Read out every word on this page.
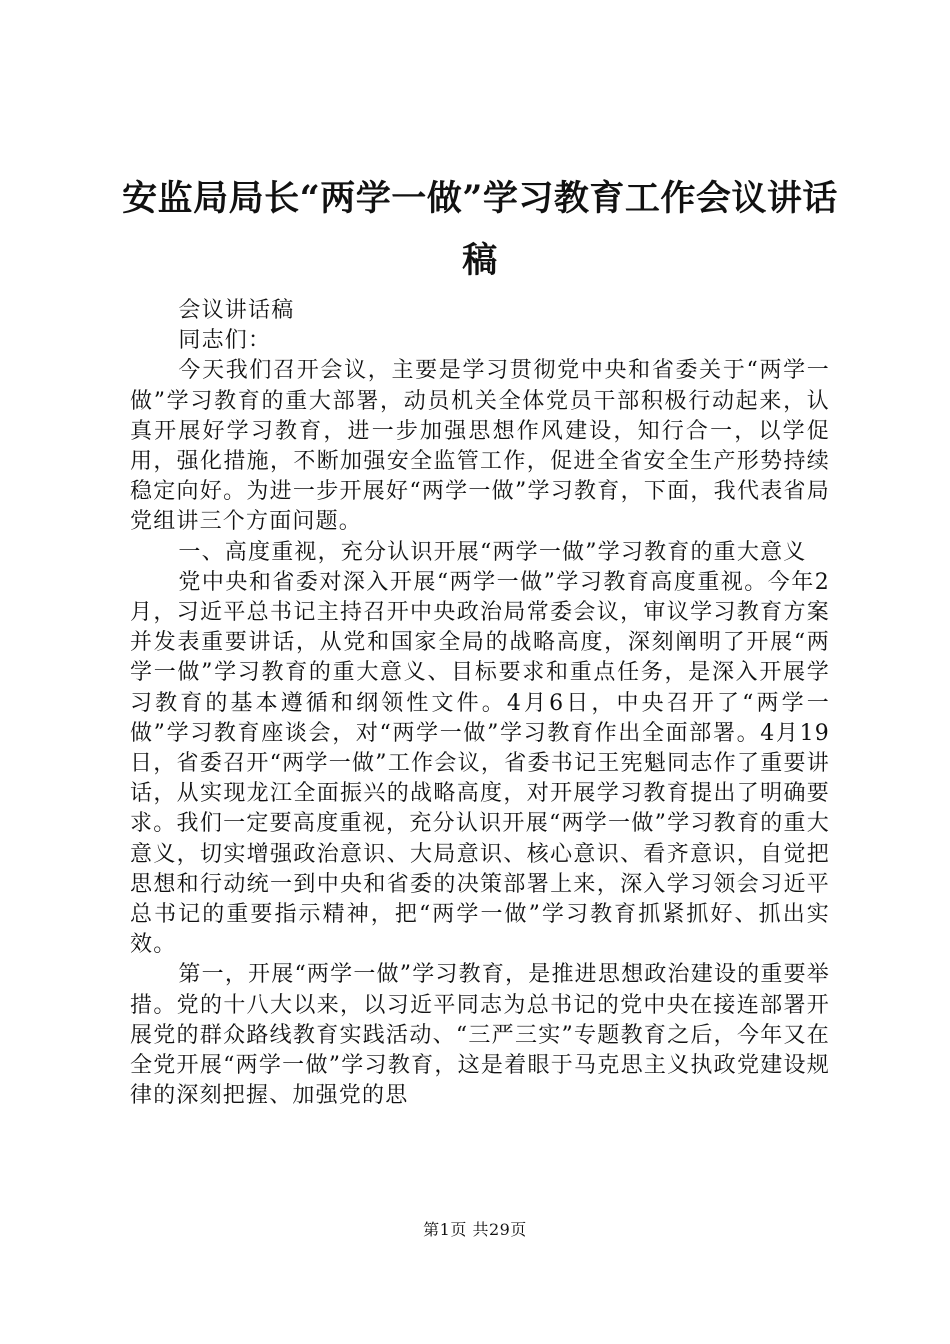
安监局局长“两学一做”学习教育工作会议讲话稿

会议讲话稿

同志们：

今天我们召开会议，主要是学习贯彻党中央和省委关于“两学一做”学习教育的重大部署，动员机关全体党员干部积极行动起来，认真开展好学习教育，进一步加强思想作风建设，知行合一，以学促用，强化措施，不断加强安全监管工作，促进全省安全生产形势持续稳定向好。为进一步开展好“两学一做”学习教育，下面，我代表省局党组讲三个方面问题。

一、高度重视，充分认识开展“两学一做”学习教育的重大意义

党中央和省委对深入开展“两学一做”学习教育高度重视。今年2月，习近平总书记主持召开中央政治局常委会议，审议学习教育方案并发表重要讲话，从党和国家全局的战略高度，深刻阐明了开展“两学一做”学习教育的重大意义、目标要求和重点任务，是深入开展学习教育的基本遵循和纲领性文件。4月6日，中央召开了“两学一做”学习教育座谈会，对“两学一做”学习教育作出全面部署。4月19日，省委召开“两学一做”工作会议，省委书记王宪魁同志作了重要讲话，从实现龙江全面振兴的战略高度，对开展学习教育提出了明确要求。我们一定要高度重视，充分认识开展“两学一做”学习教育的重大意义，切实增强政治意识、大局意识、核心意识、看齐意识，自觉把思想和行动统一到中央和省委的决策部署上来，深入学习领会习近平总书记的重要指示精神，把“两学一做”学习教育抓紧抓好、抓出实效。

第一，开展“两学一做”学习教育，是推进思想政治建设的重要举措。党的十八大以来，以习近平同志为总书记的党中央在接连部署开展党的群众路线教育实践活动、“三严三实”专题教育之后，今年又在全党开展“两学一做”学习教育，这是着眼于马克思主义执政党建设规律的深刻把握、加强党的思

第1页 共29页
